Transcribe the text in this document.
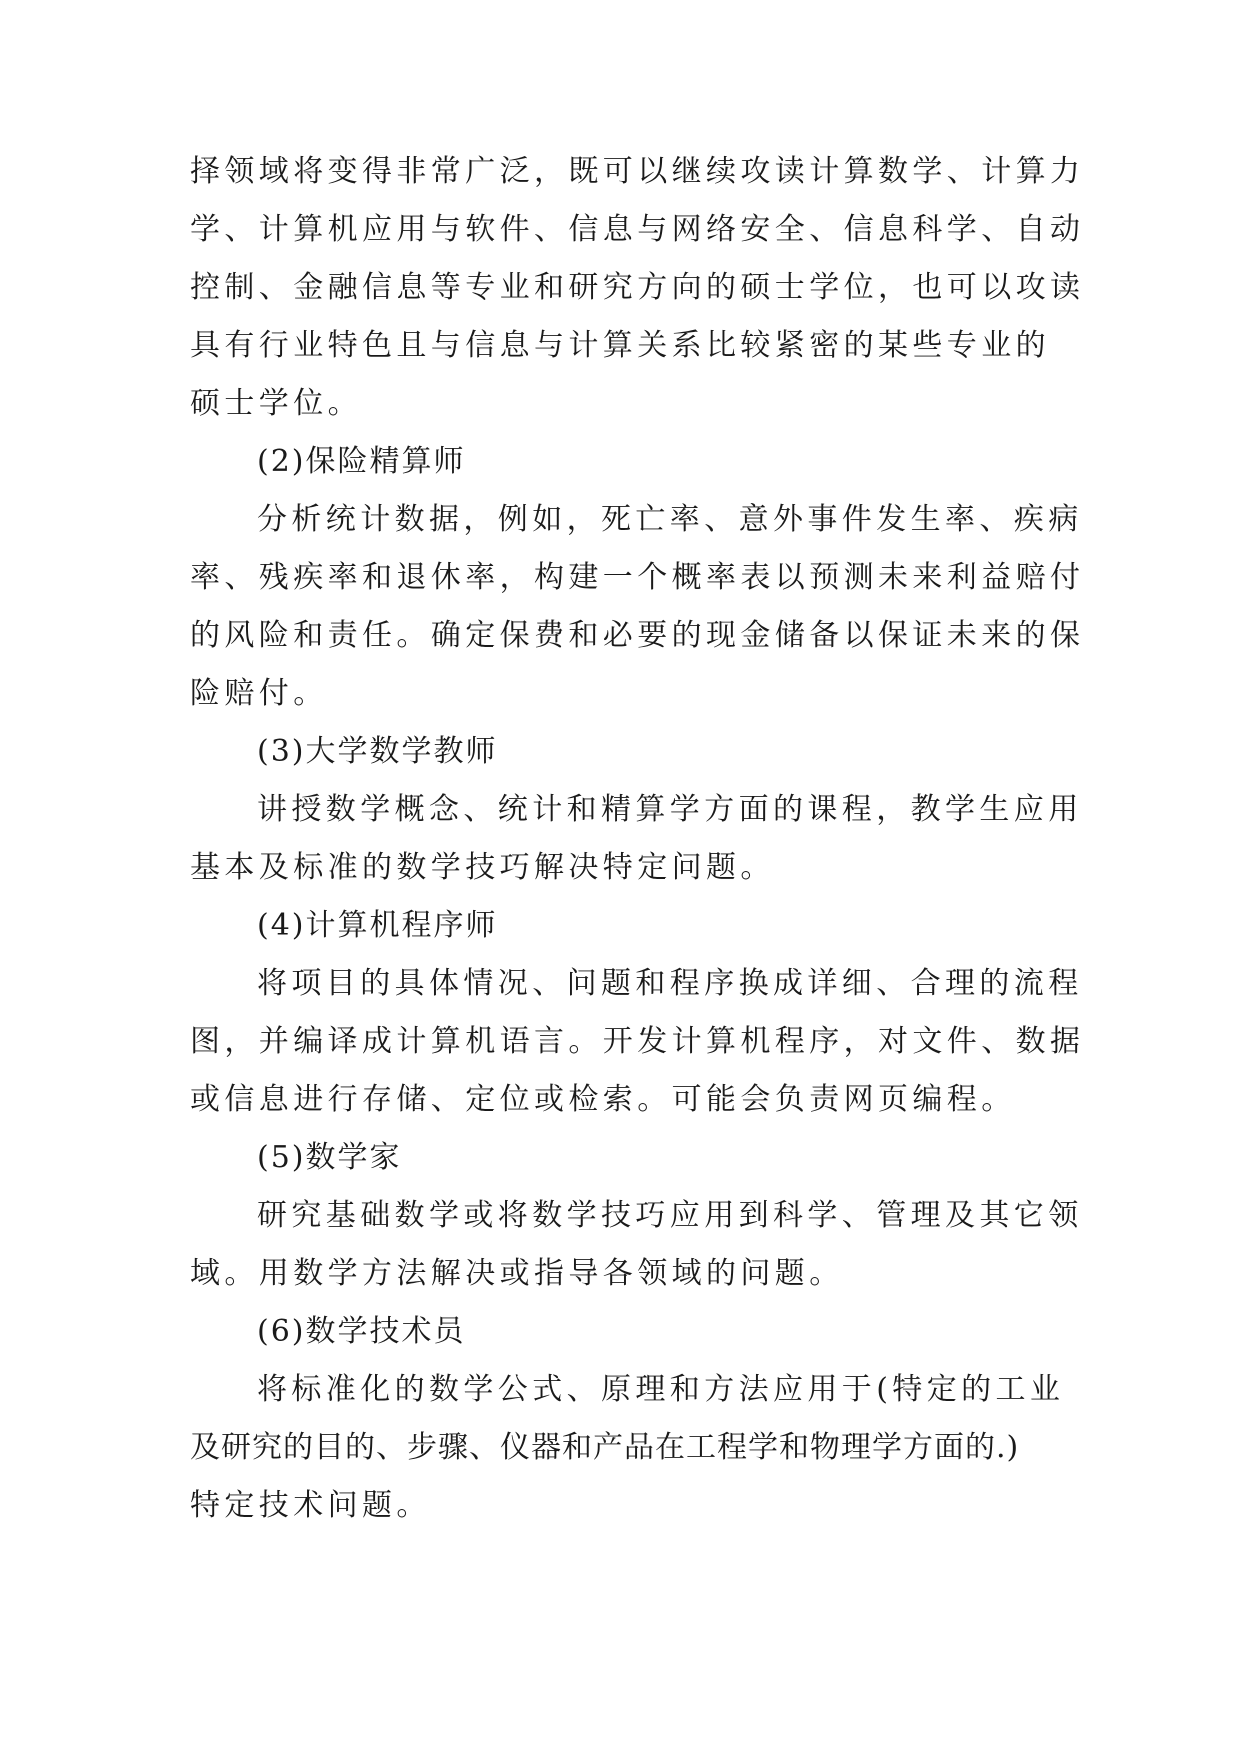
择领域将变得非常广泛，既可以继续攻读计算数学、计算力
学、计算机应用与软件、信息与网络安全、信息科学、自动
控制、金融信息等专业和研究方向的硕士学位，也可以攻读
具有行业特色且与信息与计算关系比较紧密的某些专业的
硕士学位。
(2)保险精算师
分析统计数据，例如，死亡率、意外事件发生率、疾病
率、残疾率和退休率，构建一个概率表以预测未来利益赔付
的风险和责任。确定保费和必要的现金储备以保证未来的保
险赔付。
(3)大学数学教师
讲授数学概念、统计和精算学方面的课程，教学生应用
基本及标准的数学技巧解决特定问题。
(4)计算机程序师
将项目的具体情况、问题和程序换成详细、合理的流程
图，并编译成计算机语言。开发计算机程序，对文件、数据
或信息进行存储、定位或检索。可能会负责网页编程。
(5)数学家
研究基础数学或将数学技巧应用到科学、管理及其它领
域。用数学方法解决或指导各领域的问题。
(6)数学技术员
将标准化的数学公式、原理和方法应用于(特定的工业
及研究的目的、步骤、仪器和产品在工程学和物理学方面的.)
特定技术问题。
